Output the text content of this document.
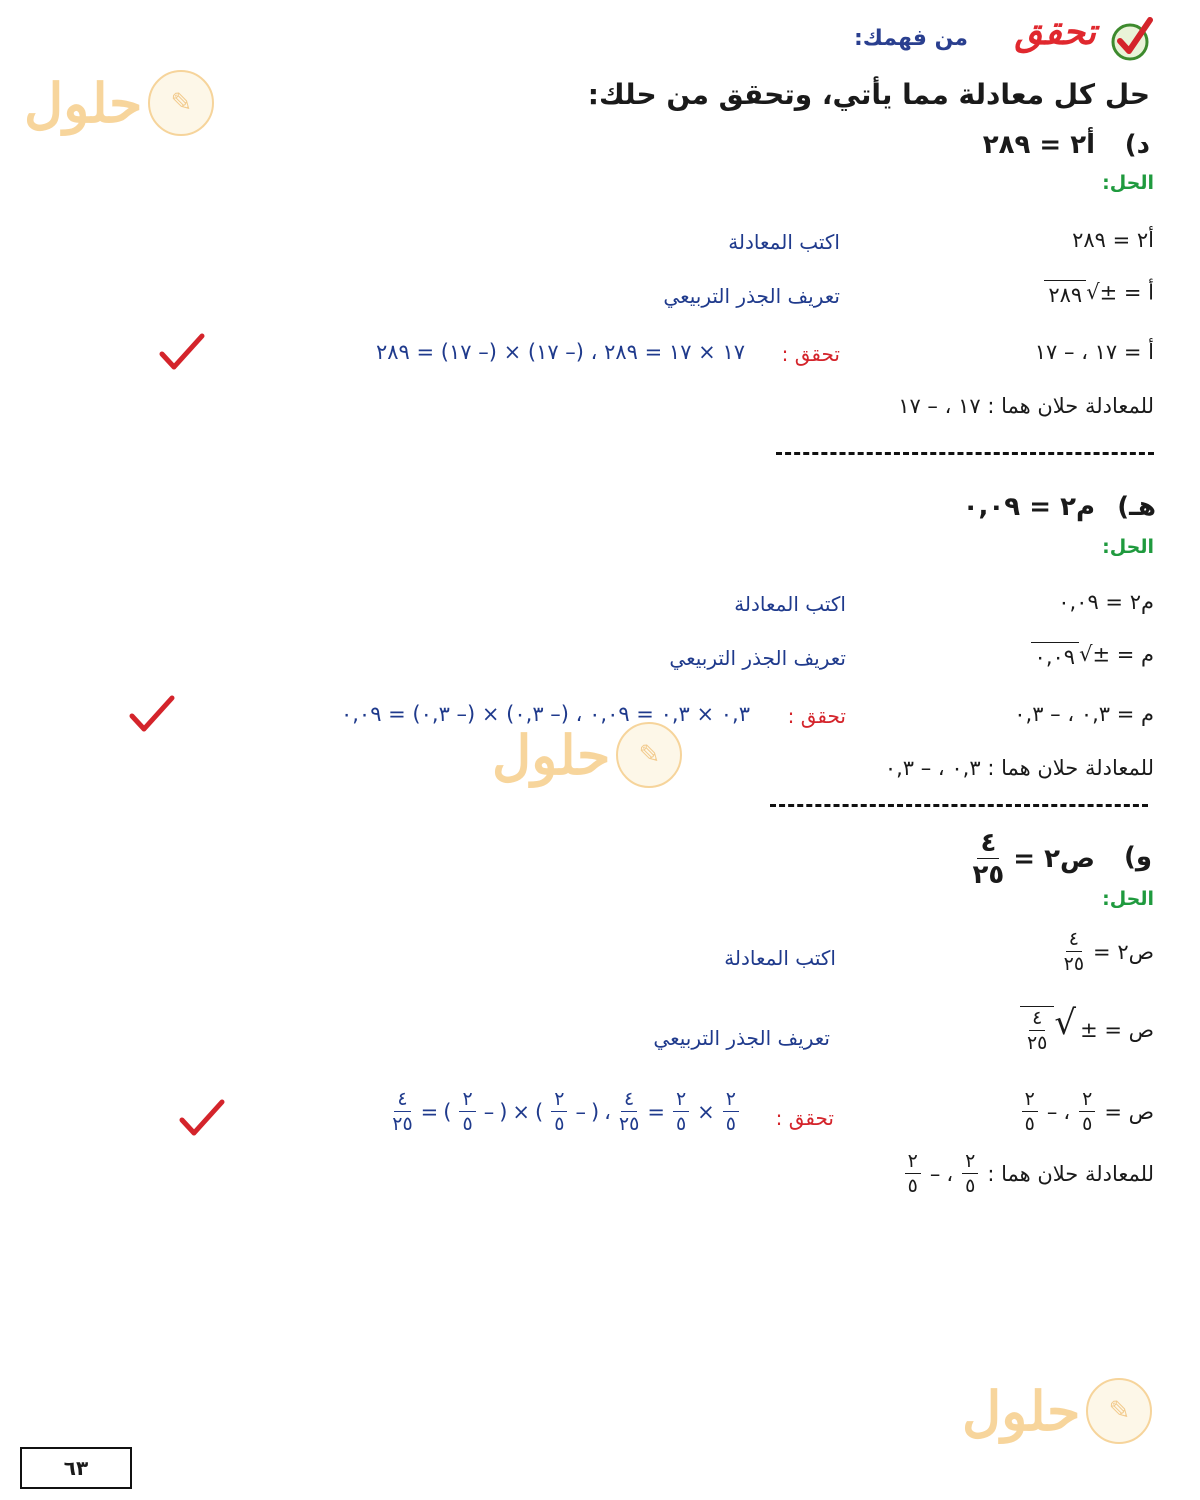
✎
حلول
✎
حلول
✎
حلول
تحقق
من فهمك:
حل كل معادلة مما يأتي، وتحقق من حلك:
د)
أ٢ = ٢٨٩
الحل:
أ٢ = ٢٨٩
اكتب المعادلة
أ = ±
√
٢٨٩
تعريف الجذر التربيعي
أ = ١٧ ، – ١٧
تحقق :
١٧ × ١٧ = ٢٨٩ ، (– ١٧) × (– ١٧) = ٢٨٩
للمعادلة حلان هما : ١٧ ، – ١٧
هـ)
م٢ = ٠,٠٩
الحل:
م٢ = ٠,٠٩
اكتب المعادلة
م = ±
√
٠,٠٩
تعريف الجذر التربيعي
م = ٠,٣ ، – ٠,٣
تحقق :
٠,٣ × ٠,٣ = ٠,٠٩ ، (– ٠,٣) × (– ٠,٣) = ٠,٠٩
للمعادلة حلان هما : ٠,٣ ، – ٠,٣
و)
ص٢ =
$\frac{٤}{٢٥}$
الحل:
ص٢ =
$\frac{٤}{٢٥}$
اكتب المعادلة
ص = ±
√
$\frac{٤}{٢٥}$
تعريف الجذر التربيعي
ص =
$\frac{٢}{٥}$
،
–
$\frac{٢}{٥}$
تحقق :
$\frac{٢}{٥}$
×
$\frac{٢}{٥}$
=
$\frac{٤}{٢٥}$
،
(
–
$\frac{٢}{٥}$
)
×
(
–
$\frac{٢}{٥}$
)
=
$\frac{٤}{٢٥}$
للمعادلة حلان هما :
$\frac{٢}{٥}$
،
–
$\frac{٢}{٥}$
٦٣
